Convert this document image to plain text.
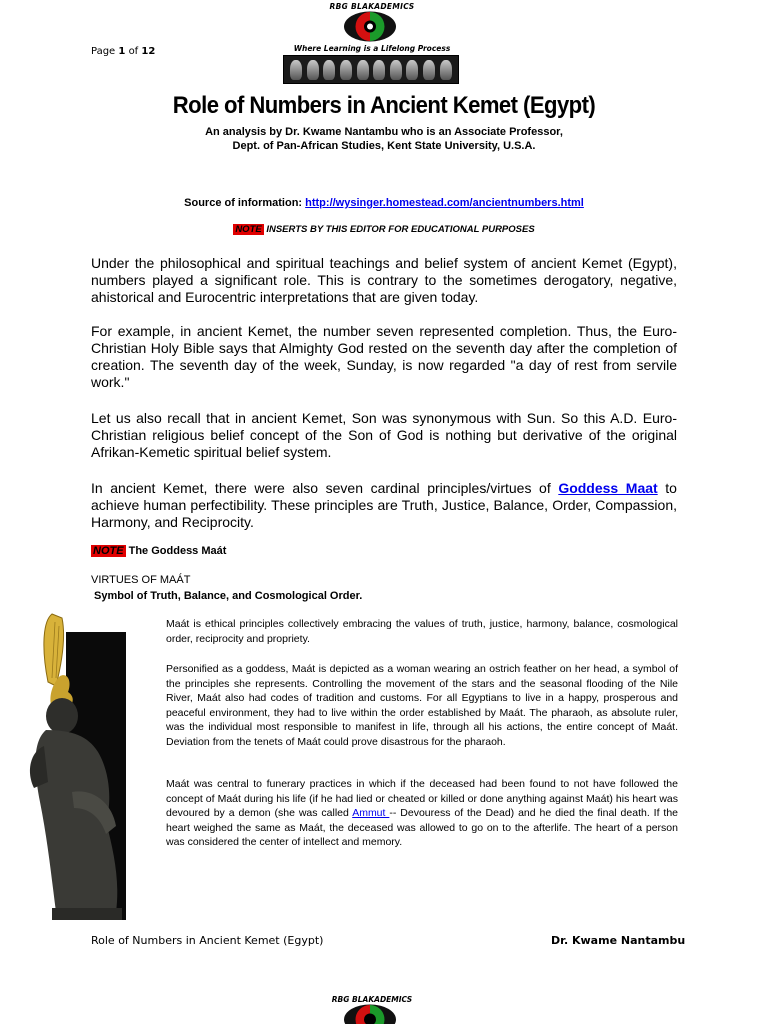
RBG BLAKADEMICS
Where Learning is a Lifelong Process
Page 1 of 12
Role of Numbers in Ancient Kemet (Egypt)
An analysis by Dr. Kwame Nantambu who is an Associate Professor,
Dept. of Pan-African Studies, Kent State University, U.S.A.
Source of information: http://wysinger.homestead.com/ancientnumbers.html
NOTE INSERTS BY THIS EDITOR FOR EDUCATIONAL PURPOSES

Under the philosophical and spiritual teachings and belief system of ancient Kemet (Egypt), numbers played a significant role. This is contrary to the sometimes derogatory, negative, ahistorical and Eurocentric interpretations that are given today.

For example, in ancient Kemet, the number seven represented completion. Thus, the Euro-Christian Holy Bible says that Almighty God rested on the seventh day after the completion of creation. The seventh day of the week, Sunday, is now regarded "a day of rest from servile work."

Let us also recall that in ancient Kemet, Son was synonymous with Sun. So this A.D. Euro-Christian religious belief concept of the Son of God is nothing but derivative of the original Afrikan-Kemetic spiritual belief system.

In ancient Kemet, there were also seven cardinal principles/virtues of Goddess Maat to achieve human perfectibility. These principles are Truth, Justice, Balance, Order, Compassion, Harmony, and Reciprocity.

NOTE The Goddess Maát
VIRTUES OF MAÁT
Symbol of Truth, Balance, and Cosmological Order.

Maát is ethical principles collectively embracing the values of truth, justice, harmony, balance, cosmological order, reciprocity and propriety.

Personified as a goddess, Maát is depicted as a woman wearing an ostrich feather on her head, a symbol of the principles she represents. Controlling the movement of the stars and the seasonal flooding of the Nile River, Maát also had codes of tradition and customs. For all Egyptians to live in a happy, prosperous and peaceful environment, they had to live within the order established by Maát. The pharaoh, as absolute ruler, was the individual most responsible to manifest in life, through all his actions, the entire concept of Maát. Deviation from the tenets of Maát could prove disastrous for the pharaoh.

Maát was central to funerary practices in which if the deceased had been found to not have followed the concept of Maát during his life (if he had lied or cheated or killed or done anything against Maát) his heart was devoured by a demon (she was called Ammut -- Devouress of the Dead) and he died the final death. If the heart weighed the same as Maát, the deceased was allowed to go on to the afterlife. The heart of a person was considered the center of intellect and memory.

Role of Numbers in Ancient Kemet (Egypt)	Dr. Kwame Nantambu
RBG BLAKADEMICS
